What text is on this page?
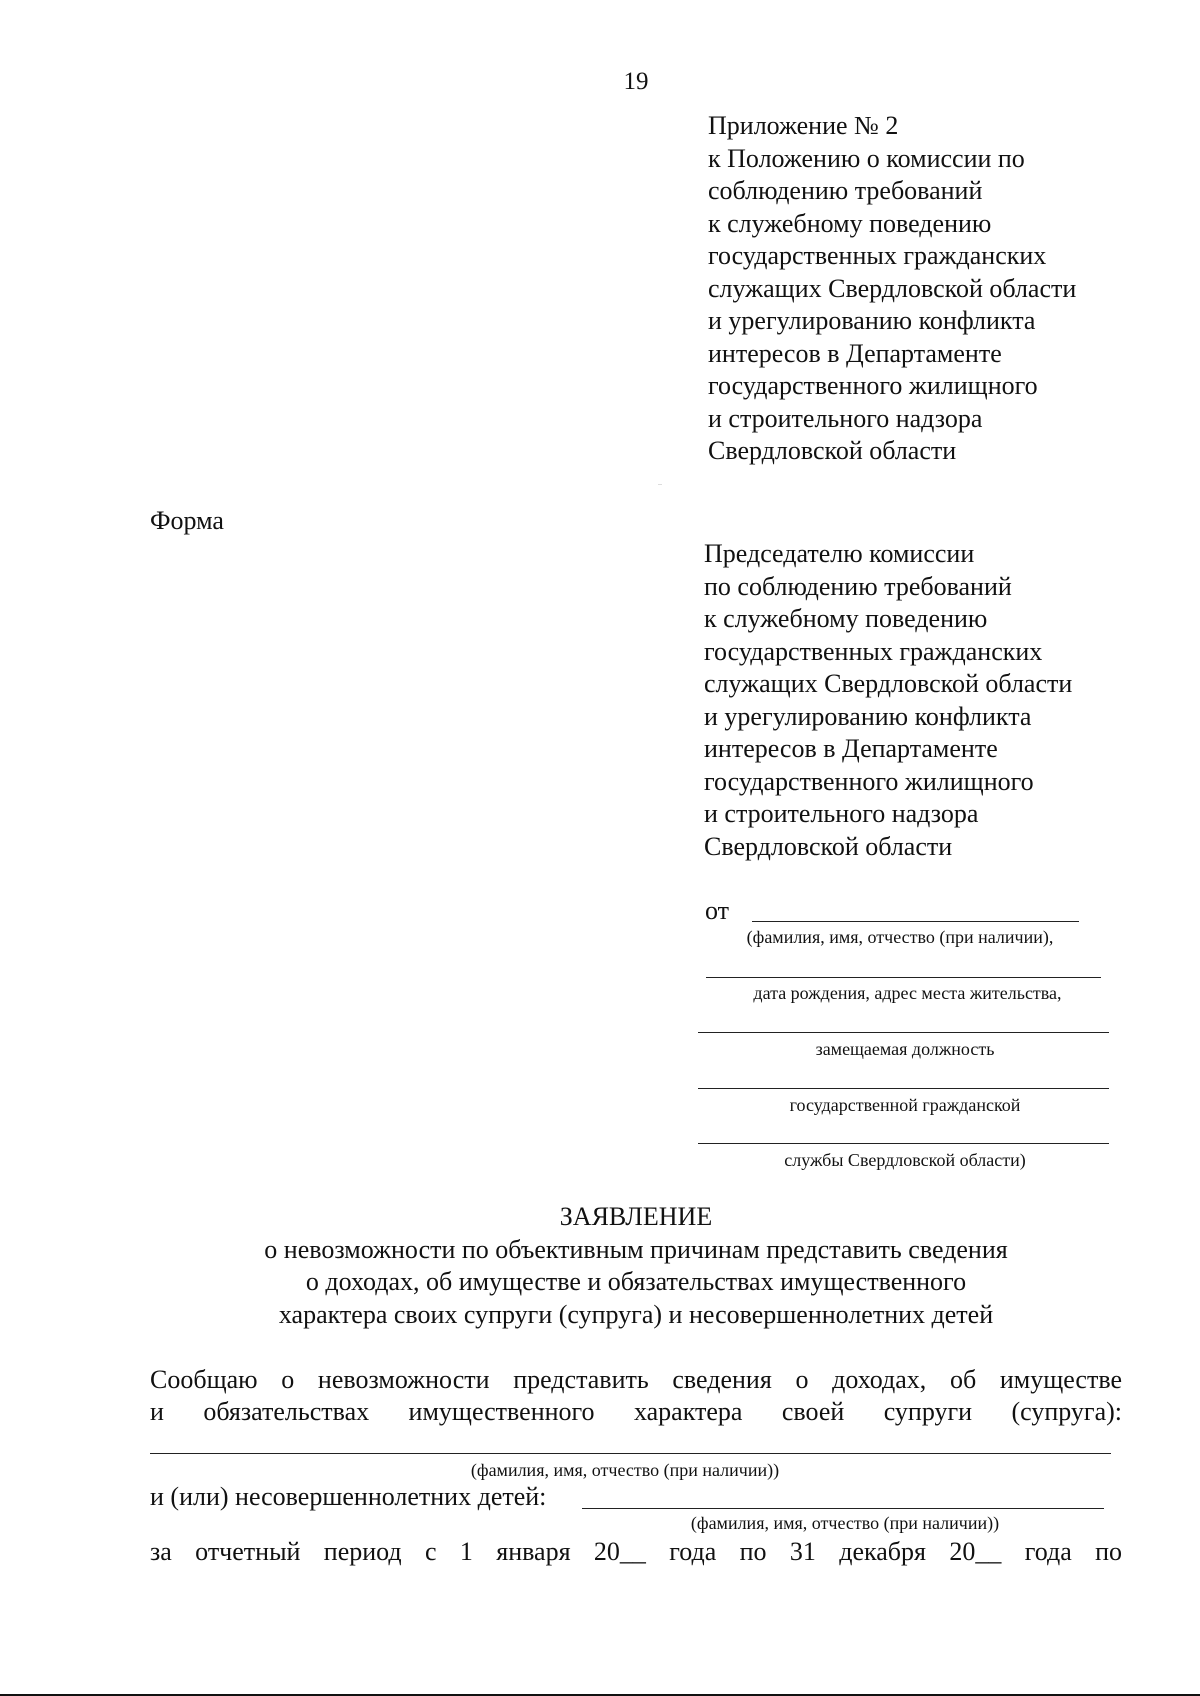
19
Приложение № 2
к Положению о комиссии по
соблюдению требований
к служебному поведению
государственных гражданских
служащих Свердловской области
и урегулированию конфликта
интересов в Департаменте
государственного жилищного
и строительного надзора
Свердловской области
Форма
Председателю комиссии
по соблюдению требований
к служебному поведению
государственных гражданских
служащих Свердловской области
и урегулированию конфликта
интересов в Департаменте
государственного жилищного
и строительного надзора
Свердловской области
от
(фамилия, имя, отчество (при наличии),
дата рождения, адрес места жительства,
замещаемая должность
государственной гражданской
службы Свердловской области)
ЗАЯВЛЕНИЕ
о невозможности по объективным причинам представить сведения
о доходах, об имуществе и обязательствах имущественного
характера своих супруги (супруга) и несовершеннолетних детей
Сообщаю о невозможности представить сведения о доходах, об имуществе
и обязательствах имущественного характера своей супруги (супруга):
(фамилия, имя, отчество (при наличии))
и (или) несовершеннолетних детей:
(фамилия, имя, отчество (при наличии))
за отчетный период с 1 января 20__ года по 31 декабря 20__ года по
